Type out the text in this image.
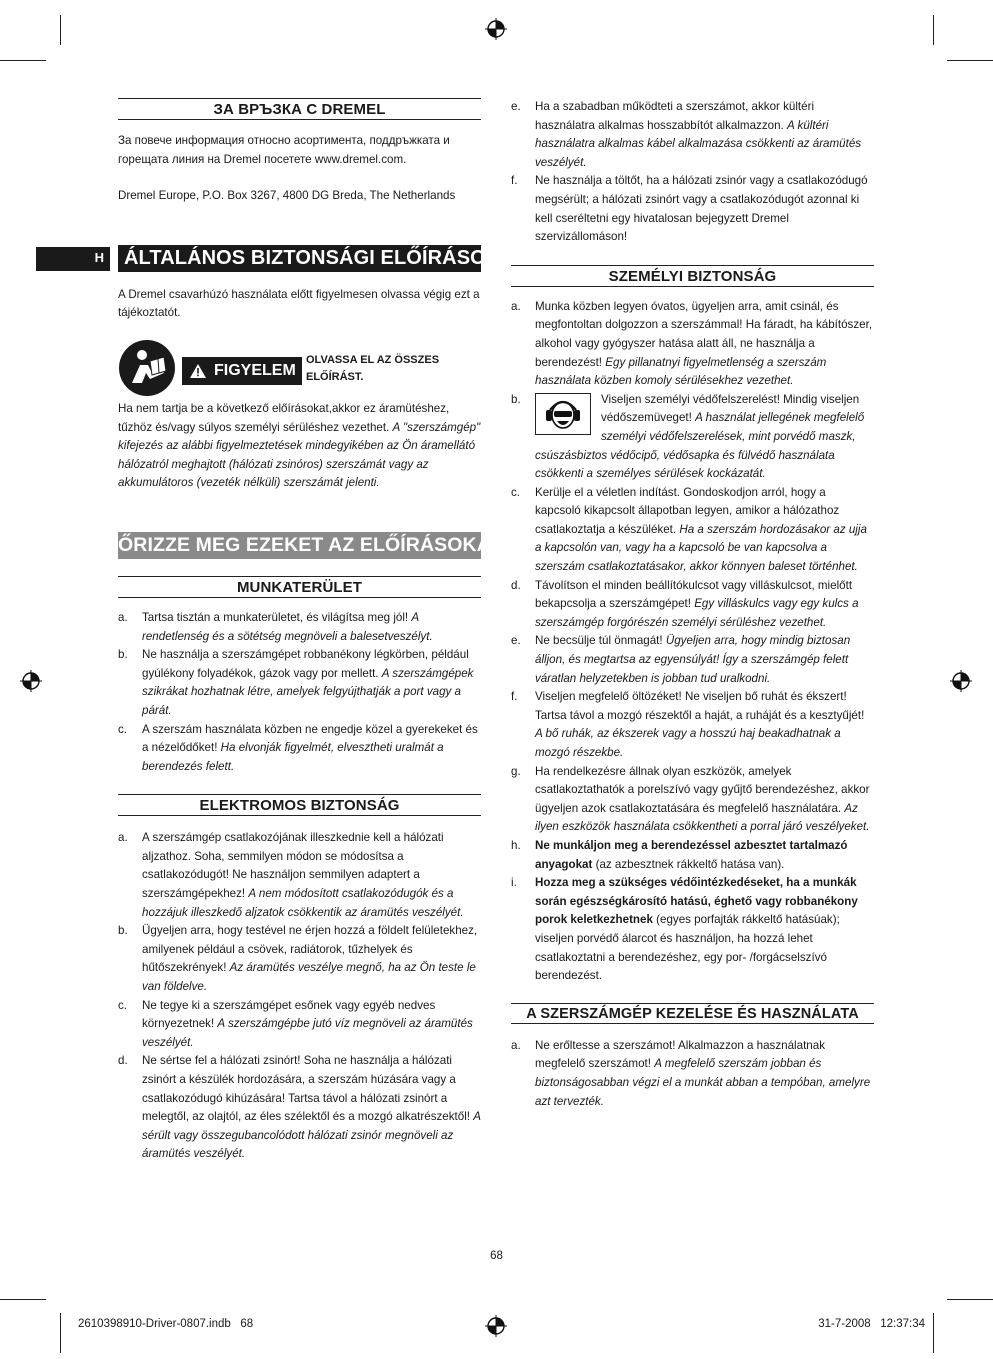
ЗА ВРЪЗКА С DREMEL

За повече информация относно асортимента, поддръжката и горещата линия на Dremel посетете www.dremel.com.

Dremel Europe, P.O. Box 3267, 4800 DG Breda, The Netherlands

ÁLTALÁNOS BIZTONSÁGI ELŐÍRÁSOK

A Dremel csavarhúzó használata előtt figyelmesen olvassa végig ezt a tájékoztatót.

FIGYELEM
OLVASSA EL AZ ÖSSZES ELŐÍRÁST.

Ha nem tartja be a következő előírásokat,akkor ez áramütéshez, tűzhöz és/vagy súlyos személyi sérüléshez vezethet. A "szerszámgép" kifejezés az alábbi figyelmeztetések mindegyikében az Ön áramellátó hálózatról meghajtott (hálózati zsinóros) szerszámát vagy az akkumulátoros (vezeték nélküli) szerszámát jelenti.

ŐRIZZE MEG EZEKET AZ ELŐÍRÁSOKAT
MUNKATERÜLET
a. Tartsa tisztán a munkaterületet, és világítsa meg jól! A rendetlenség és a sötétség megnöveli a balesetveszélyt.
b. Ne használja a szerszámgépet robbanékony légkörben, például gyúlékony folyadékok, gázok vagy por mellett. A szerszámgépek szikrákat hozhatnak létre, amelyek felgyújthatják a port vagy a párát.
c. A szerszám használata közben ne engedje közel a gyerekeket és a nézelődőket! Ha elvonják figyelmét, elvesztheti uralmát a berendezés felett.
ELEKTROMOS BIZTONSÁG
a. A szerszámgép csatlakozójának illeszkednie kell a hálózati aljzathoz. Soha, semmilyen módon se módosítsa a csatlakozódugót! Ne használjon semmilyen adaptert a szerszámgépekhez! A nem módosított csatlakozódugók és a hozzájuk illeszkedő aljzatok csökkentik az áramütés veszélyét.
b. Ügyeljen arra, hogy testével ne érjen hozzá a földelt felületekhez, amilyenek például a csövek, radiátorok, tűzhelyek és hűtőszekrények! Az áramütés veszélye megnő, ha az Ön teste le van földelve.
c. Ne tegye ki a szerszámgépet esőnek vagy egyéb nedves környezetnek! A szerszámgépbe jutó víz megnöveli az áramütés veszélyét.
d. Ne sértse fel a hálózati zsinórt! Soha ne használja a hálózati zsinórt a készülék hordozására, a szerszám húzására vagy a csatlakozódugó kihúzására! Tartsa távol a hálózati zsinórt a melegtől, az olajtól, az éles szélektől és a mozgó alkatrészektől! A sérült vagy összegubancolódott hálózati zsinór megnöveli az áramütés veszélyét.
e. Ha a szabadban működteti a szerszámot, akkor kültéri használatra alkalmas hosszabbítót alkalmazzon. A kültéri használatra alkalmas kábel alkalmazása csökkenti az áramütés veszélyét.
f. Ne használja a töltőt, ha a hálózati zsinór vagy a csatlakozódugó megsérült; a hálózati zsinórt vagy a csatlakozódugót azonnal ki kell cseréltetni egy hivatalosan bejegyzett Dremel szervizállomáson!
SZEMÉLYI BIZTONSÁG
a. Munka közben legyen óvatos, ügyeljen arra, amit csinál, és megfontoltan dolgozzon a szerszámmal! Ha fáradt, ha kábítószer, alkohol vagy gyógyszer hatása alatt áll, ne használja a berendezést! Egy pillanatnyi figyelmetlenség a szerszám használata közben komoly sérülésekhez vezethet.
b.	Viseljen személyi védőfelszerelést! Mindig viseljen védőszemüveget! A használat jellegének megfelelő személyi védőfelszerelések, mint porvédő maszk, csúszásbiztos védőcipő, védősapka és fülvédő használata csökkenti a személyes sérülések kockázatát.
c. Kerülje el a véletlen indítást. Gondoskodjon arról, hogy a kapcsoló kikapcsolt állapotban legyen, amikor a hálózathoz csatlakoztatja a készüléket. Ha a szerszám hordozásakor az ujja a kapcsolón van, vagy ha a kapcsoló be van kapcsolva a szerszám csatlakoztatásakor, akkor könnyen baleset történhet.
d. Távolítson el minden beállítókulcsot vagy villáskulcsot, mielőtt bekapcsolja a szerszámgépet! Egy villáskulcs vagy egy kulcs a szerszámgép forgórészén személyi sérüléshez vezethet.
e. Ne becsülje túl önmagát! Ügyeljen arra, hogy mindig biztosan álljon, és megtartsa az egyensúlyát! Így a szerszámgép felett váratlan helyzetekben is jobban tud uralkodni.
f. Viseljen megfelelő öltözéket! Ne viseljen bő ruhát és ékszert! Tartsa távol a mozgó részektől a haját, a ruháját és a kesztyűjét! A bő ruhák, az ékszerek vagy a hosszú haj beakadhatnak a mozgó részekbe.
g. Ha rendelkezésre állnak olyan eszközök, amelyek csatlakoztathatók a porelszívó vagy gyűjtő berendezéshez, akkor ügyeljen azok csatlakoztatására és megfelelő használatára. Az ilyen eszközök használata csökkentheti a porral járó veszélyeket.
h. Ne munkáljon meg a berendezéssel azbesztet tartalmazó anyagokat (az azbesztnek rákkeltő hatása van).
i. Hozza meg a szükséges védőintézkedéseket, ha a munkák során egészségkárosító hatású, éghető vagy robbanékony porok keletkezhetnek (egyes porfajták rákkeltő hatásúak); viseljen porvédő álarcot és használjon, ha hozzá lehet csatlakoztatni a berendezéshez, egy por- /forgácselszívó berendezést.
A SZERSZÁMGÉP KEZELÉSE ÉS HASZNÁLATA
a. Ne erőltesse a szerszámot! Alkalmazzon a használatnak megfelelő szerszámot! A megfelelő szerszám jobban és biztonságosabban végzi el a munkát abban a tempóban, amelyre azt tervezték.
68
2610398910-Driver-0807.indb   68	31-7-2008   12:37:34
H
